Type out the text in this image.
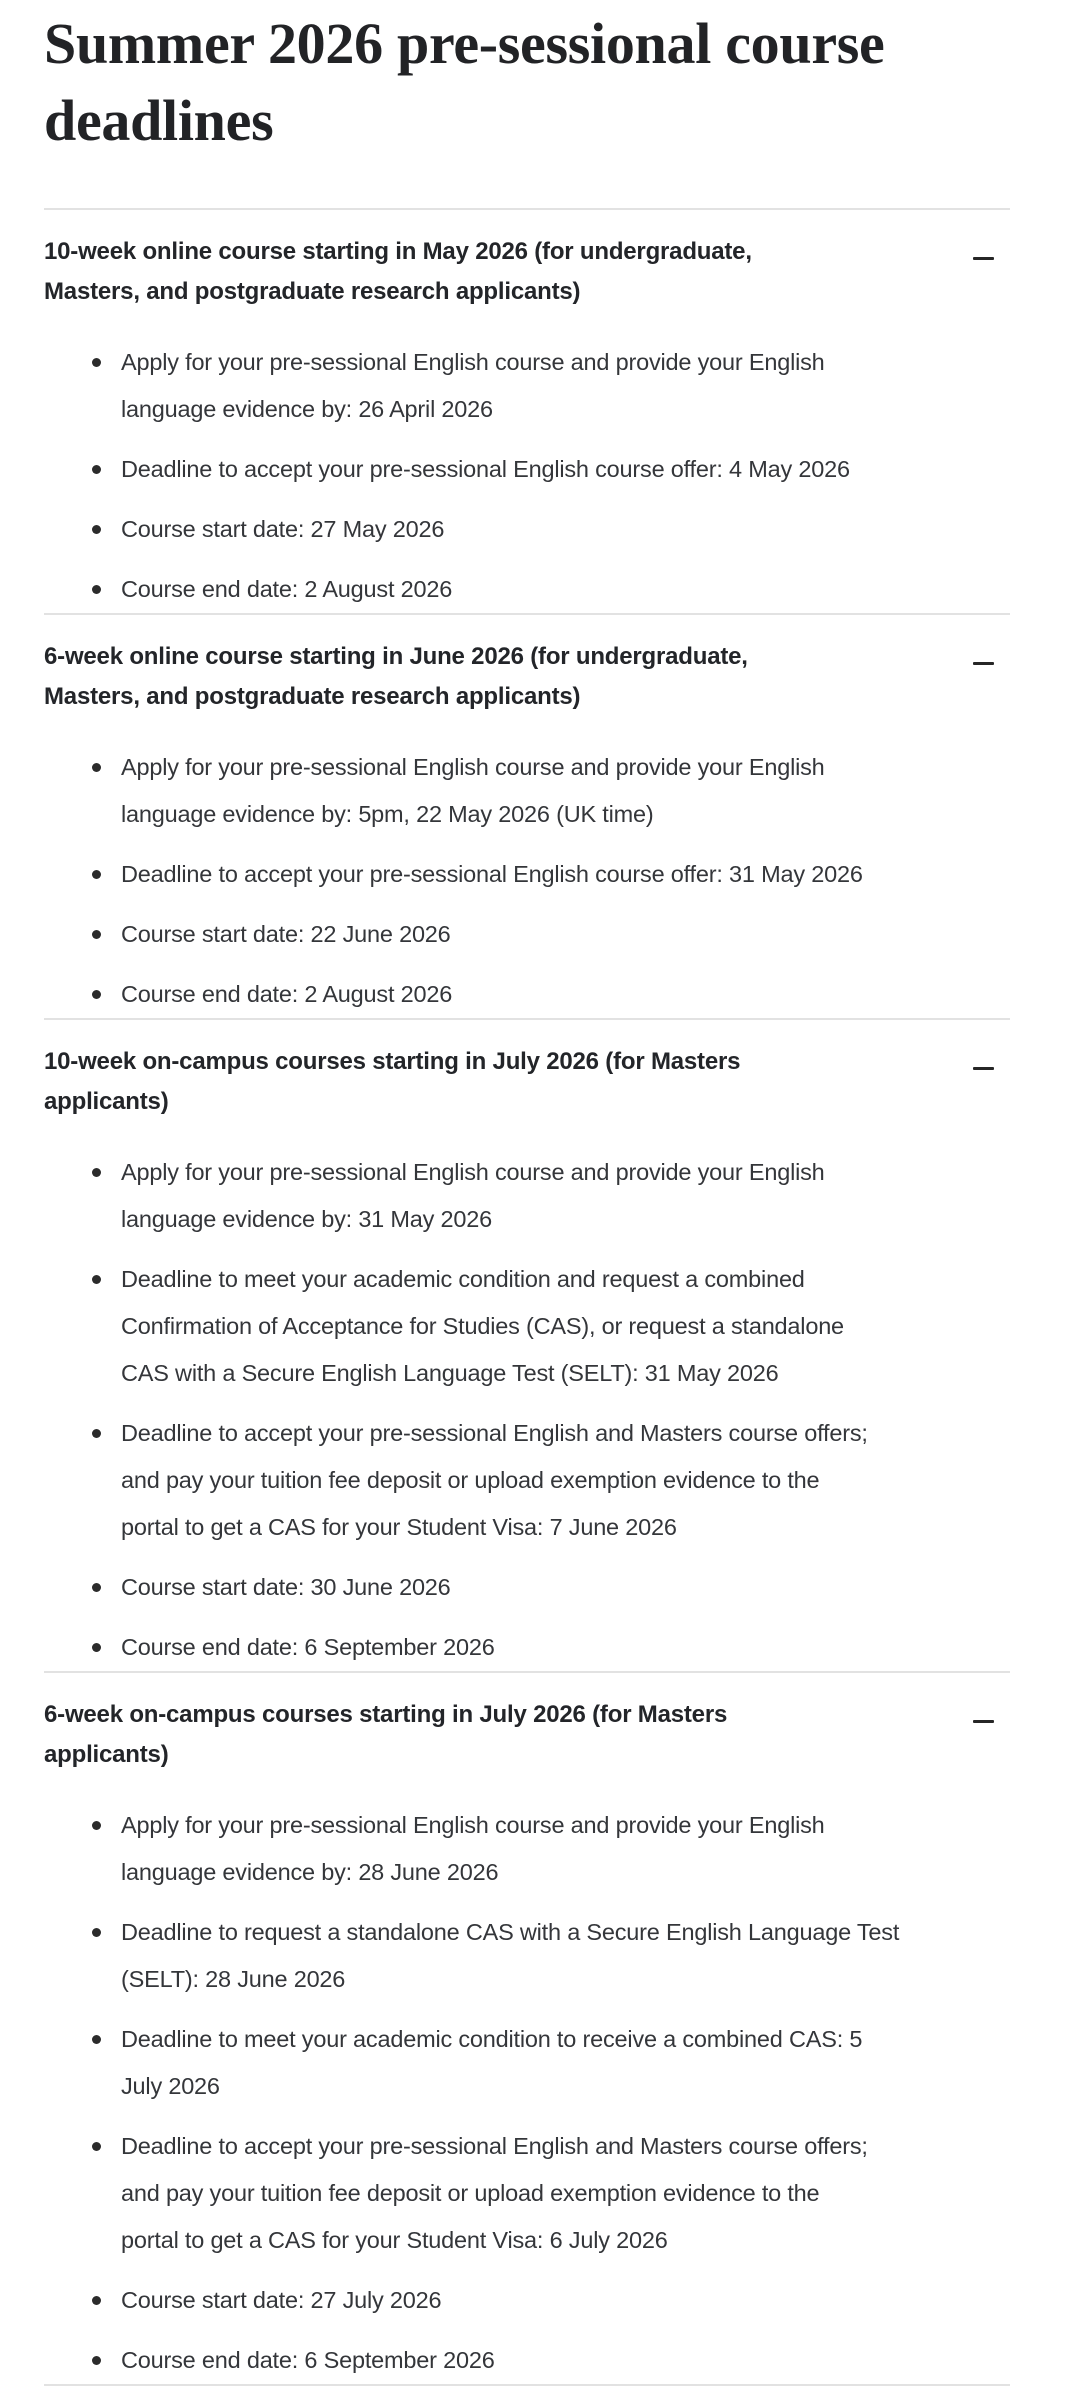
Summer 2026 pre-sessional course
deadlines
10-week online course starting in May 2026 (for undergraduate,
Masters, and postgraduate research applicants)
Apply for your pre-sessional English course and provide your English
language evidence by: 26 April 2026
Deadline to accept your pre-sessional English course offer: 4 May 2026
Course start date: 27 May 2026
Course end date: 2 August 2026
6-week online course starting in June 2026 (for undergraduate,
Masters, and postgraduate research applicants)
Apply for your pre-sessional English course and provide your English
language evidence by: 5pm, 22 May 2026 (UK time)
Deadline to accept your pre-sessional English course offer: 31 May 2026
Course start date: 22 June 2026
Course end date: 2 August 2026
10-week on-campus courses starting in July 2026 (for Masters
applicants)
Apply for your pre-sessional English course and provide your English
language evidence by: 31 May 2026
Deadline to meet your academic condition and request a combined
Confirmation of Acceptance for Studies (CAS), or request a standalone
CAS with a Secure English Language Test (SELT): 31 May 2026
Deadline to accept your pre-sessional English and Masters course offers;
and pay your tuition fee deposit or upload exemption evidence to the
portal to get a CAS for your Student Visa: 7 June 2026
Course start date: 30 June 2026
Course end date: 6 September 2026
6-week on-campus courses starting in July 2026 (for Masters
applicants)
Apply for your pre-sessional English course and provide your English
language evidence by: 28 June 2026
Deadline to request a standalone CAS with a Secure English Language Test
(SELT): 28 June 2026
Deadline to meet your academic condition to receive a combined CAS: 5
July 2026
Deadline to accept your pre-sessional English and Masters course offers;
and pay your tuition fee deposit or upload exemption evidence to the
portal to get a CAS for your Student Visa: 6 July 2026
Course start date: 27 July 2026
Course end date: 6 September 2026
